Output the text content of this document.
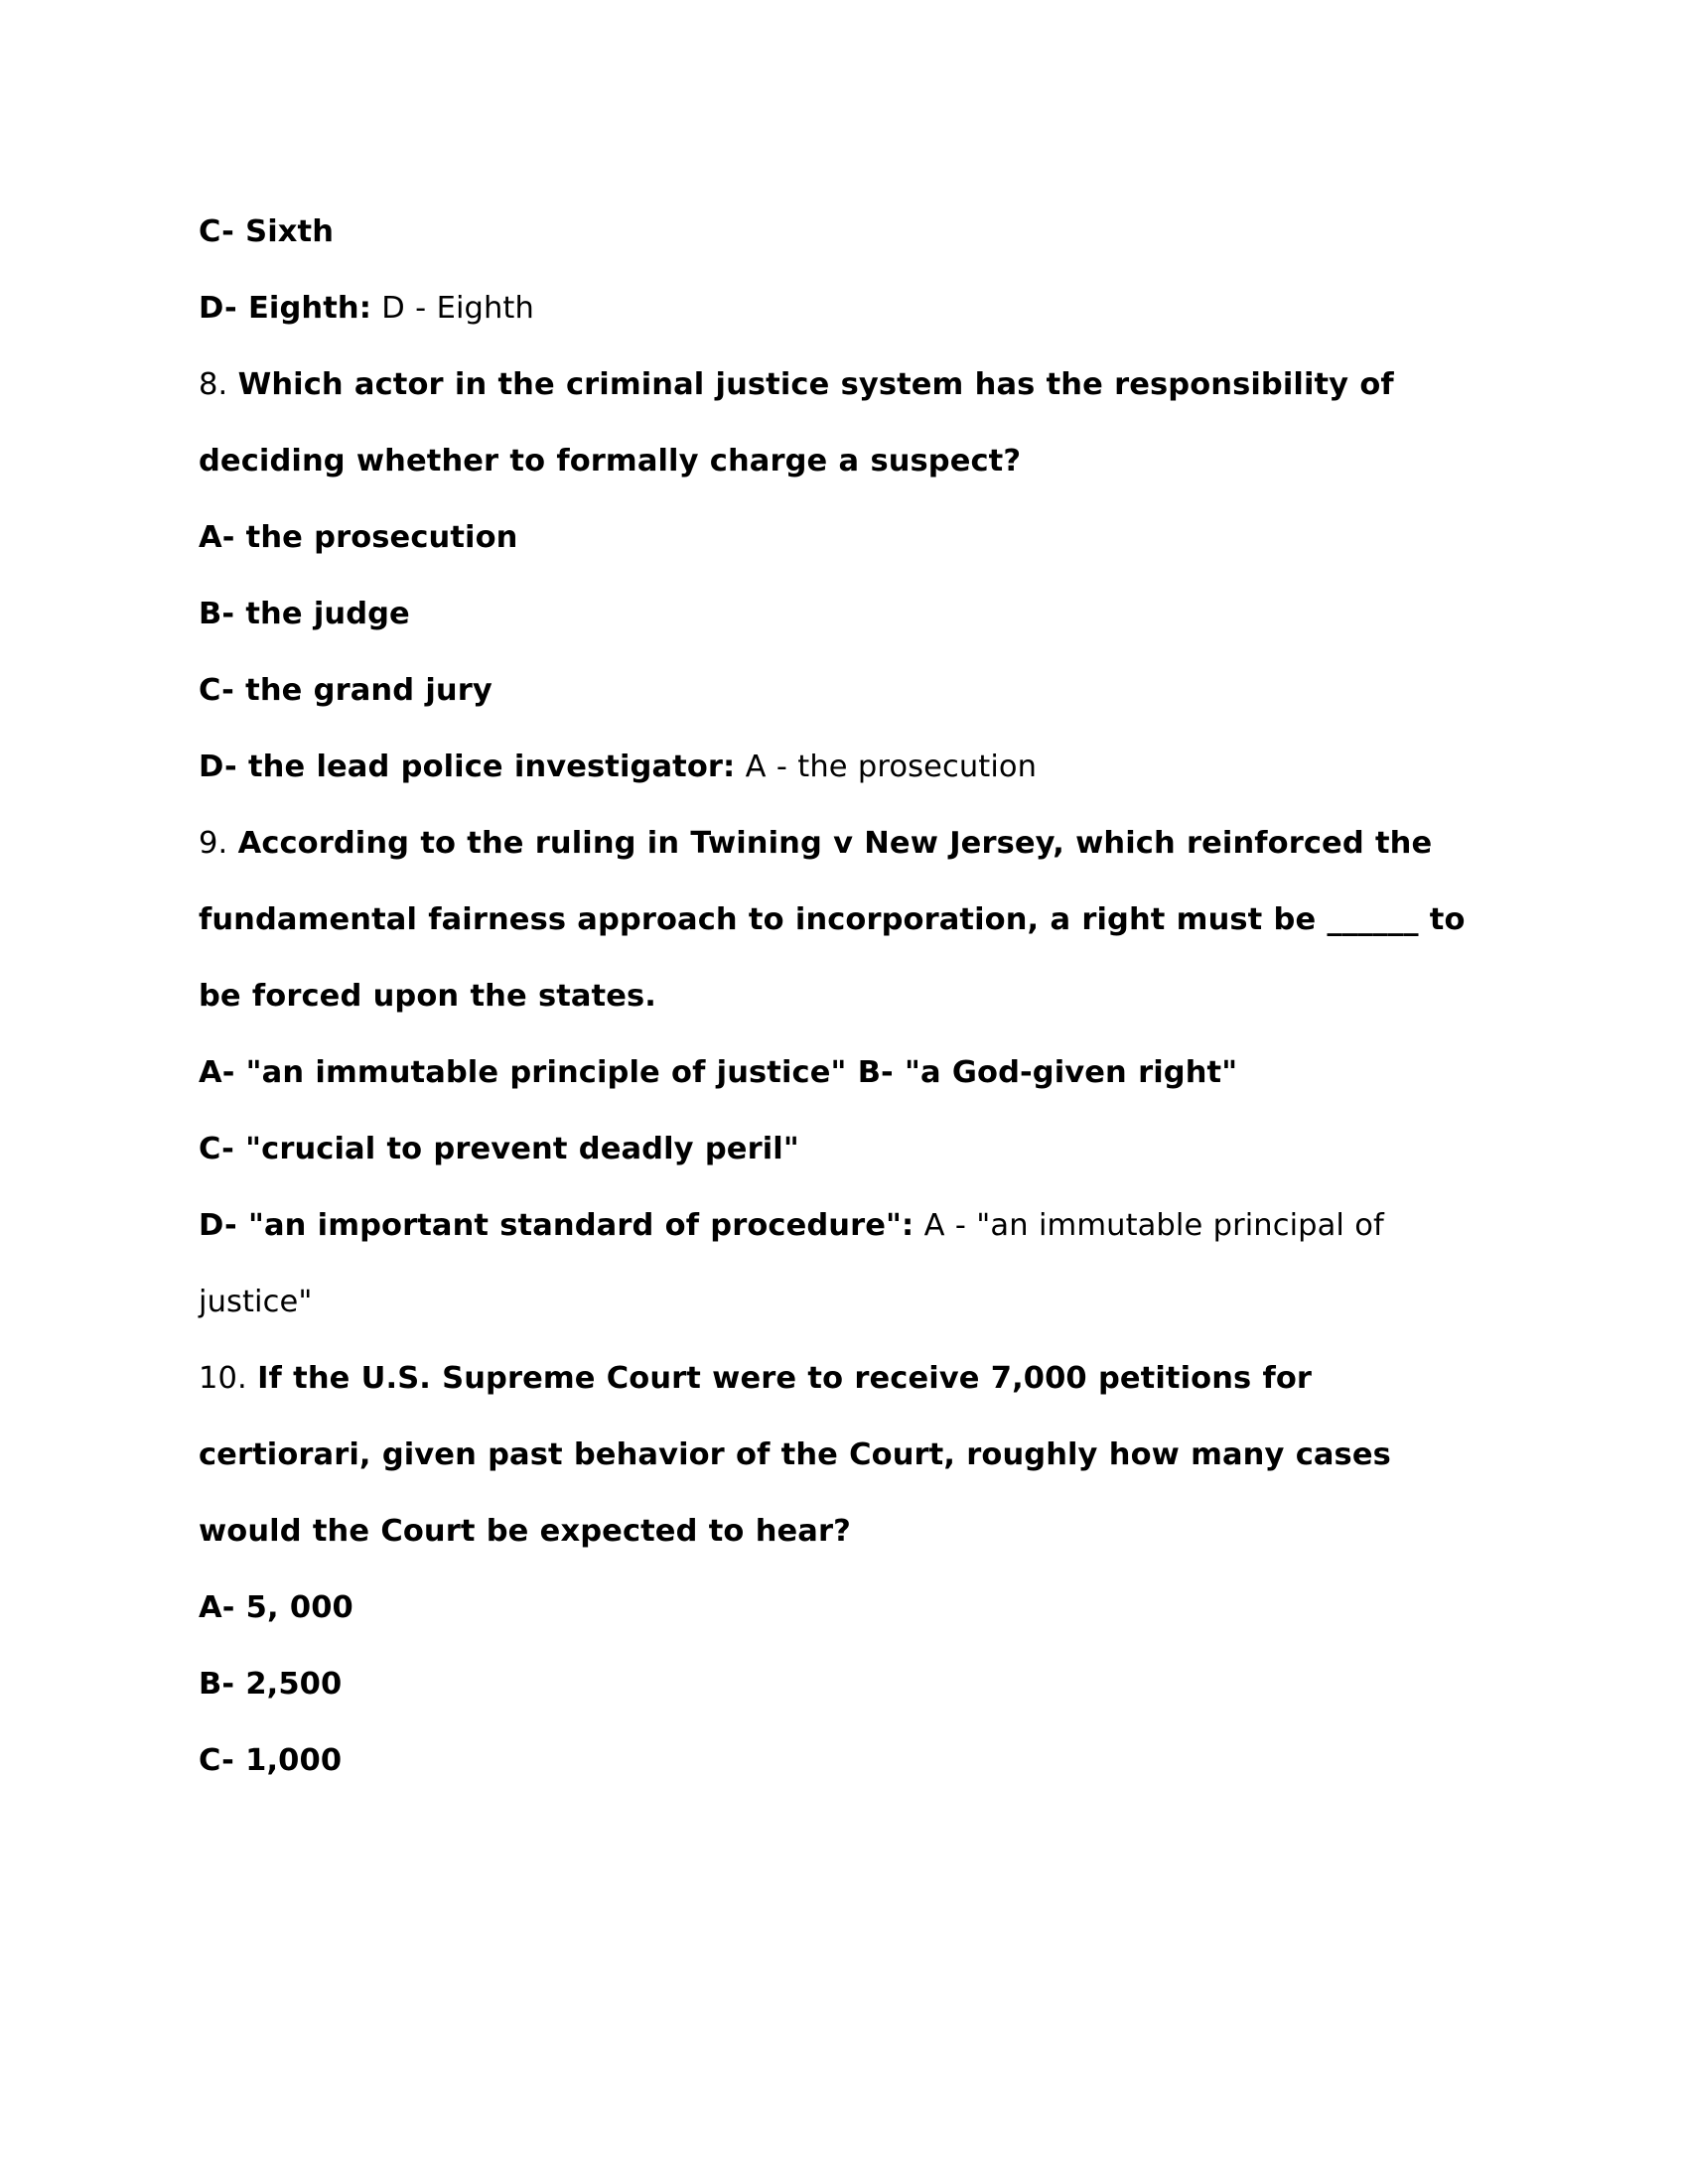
C- Sixth

D- Eighth: D - Eighth

8. Which actor in the criminal justice system has the responsibility of deciding whether to formally charge a suspect?

A- the prosecution

B- the judge

C- the grand jury

D- the lead police investigator: A - the prosecution

9. According to the ruling in Twining v New Jersey, which reinforced the fundamental fairness approach to incorporation, a right must be ______ to be forced upon the states.

A- "an immutable principle of justice" B- "a God-given right"

C- "crucial to prevent deadly peril"

D- "an important standard of procedure": A - "an immutable principal of justice"

10. If the U.S. Supreme Court were to receive 7,000 petitions for certiorari, given past behavior of the Court, roughly how many cases would the Court be expected to hear?

A- 5, 000

B- 2,500

C- 1,000
